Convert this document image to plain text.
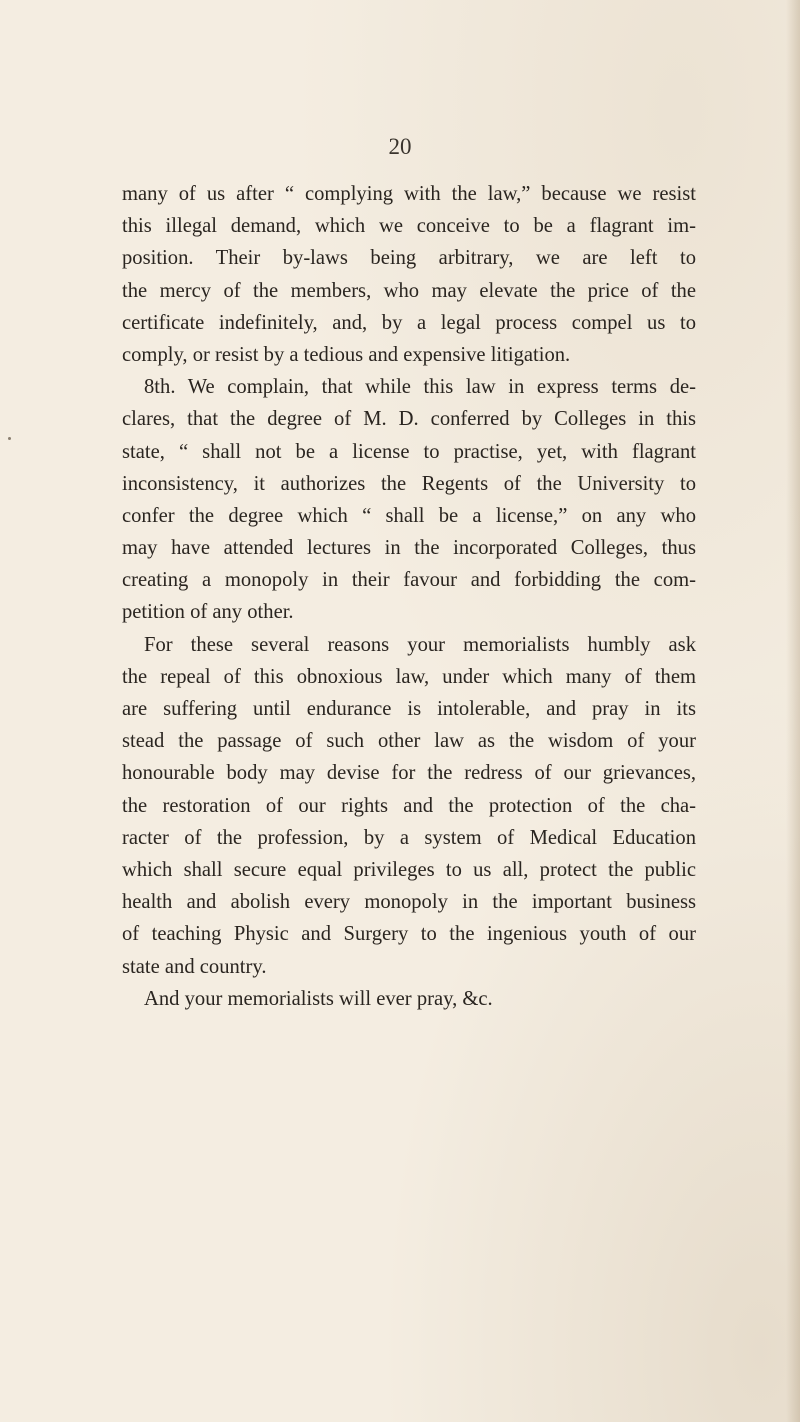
20
many of us after “ complying with the law,” because we resist
this illegal demand, which we conceive to be a flagrant im-
position. Their by-laws being arbitrary, we are left to
the mercy of the members, who may elevate the price of the
certificate indefinitely, and, by a legal process compel us to
comply, or resist by a tedious and expensive litigation.
8th. We complain, that while this law in express terms de-
clares, that the degree of M. D. conferred by Colleges in this
state, “ shall not be a license to practise, yet, with flagrant
inconsistency, it authorizes the Regents of the University to
confer the degree which “ shall be a license,” on any who
may have attended lectures in the incorporated Colleges, thus
creating a monopoly in their favour and forbidding the com-
petition of any other.
For these several reasons your memorialists humbly ask
the repeal of this obnoxious law, under which many of them
are suffering until endurance is intolerable, and pray in its
stead the passage of such other law as the wisdom of your
honourable body may devise for the redress of our grievances,
the restoration of our rights and the protection of the cha-
racter of the profession, by a system of Medical Education
which shall secure equal privileges to us all, protect the public
health and abolish every monopoly in the important business
of teaching Physic and Surgery to the ingenious youth of our
state and country.
And your memorialists will ever pray, &c.
